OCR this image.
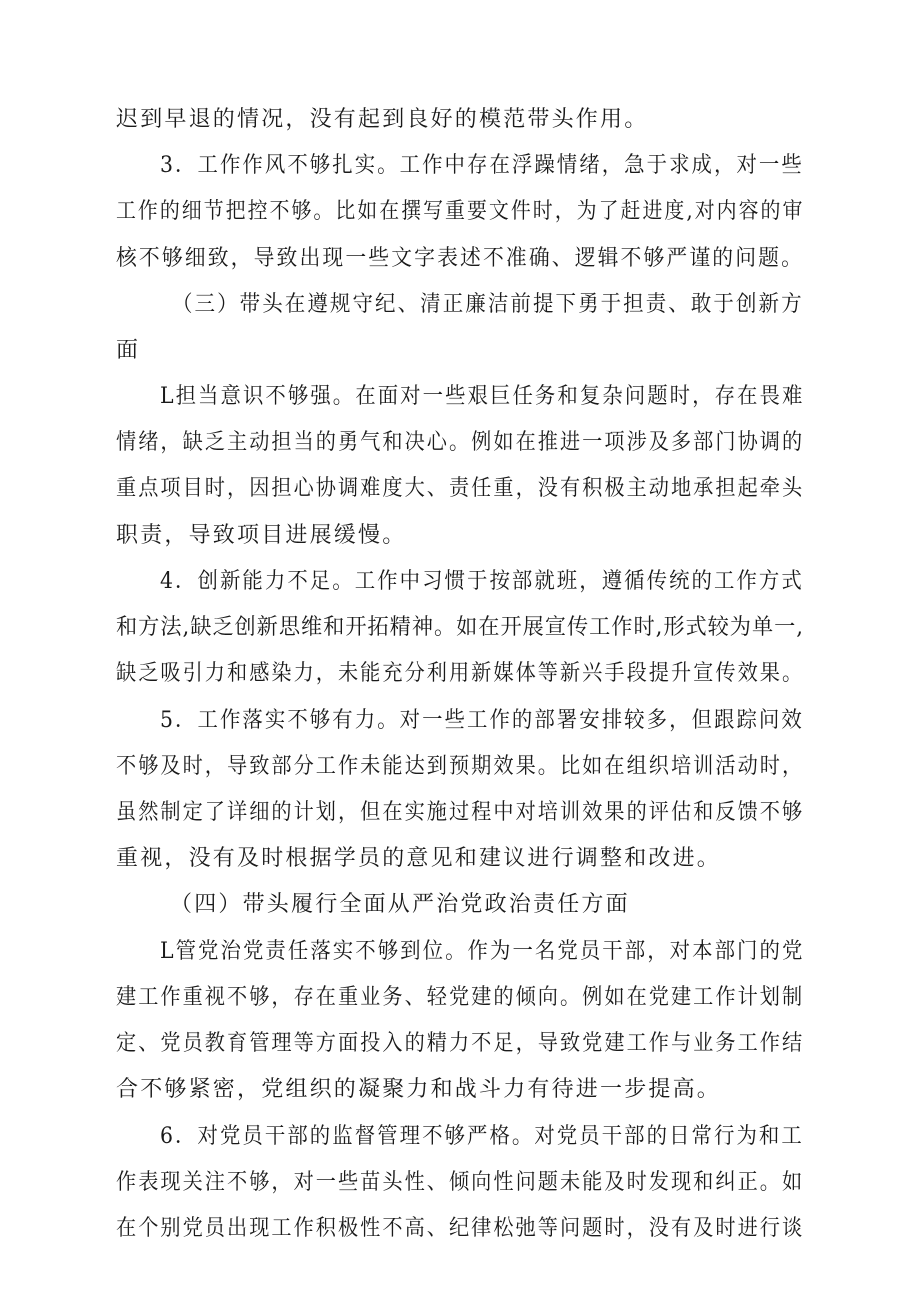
迟到早退的情况，没有起到良好的模范带头作用。
3．工作作风不够扎实。工作中存在浮躁情绪，急于求成，对一些
工作的细节把控不够。比如在撰写重要文件时，为了赶进度,对内容的审
核不够细致，导致出现一些文字表述不准确、逻辑不够严谨的问题。
（三）带头在遵规守纪、清正廉洁前提下勇于担责、敢于创新方
面
L担当意识不够强。在面对一些艰巨任务和复杂问题时，存在畏难
情绪，缺乏主动担当的勇气和决心。例如在推进一项涉及多部门协调的
重点项目时，因担心协调难度大、责任重，没有积极主动地承担起牵头
职责，导致项目进展缓慢。
4．创新能力不足。工作中习惯于按部就班，遵循传统的工作方式
和方法,缺乏创新思维和开拓精神。如在开展宣传工作时,形式较为单一,
缺乏吸引力和感染力，未能充分利用新媒体等新兴手段提升宣传效果。
5．工作落实不够有力。对一些工作的部署安排较多，但跟踪问效
不够及时，导致部分工作未能达到预期效果。比如在组织培训活动时，
虽然制定了详细的计划，但在实施过程中对培训效果的评估和反馈不够
重视，没有及时根据学员的意见和建议进行调整和改进。
（四）带头履行全面从严治党政治责任方面
L管党治党责任落实不够到位。作为一名党员干部，对本部门的党
建工作重视不够，存在重业务、轻党建的倾向。例如在党建工作计划制
定、党员教育管理等方面投入的精力不足，导致党建工作与业务工作结
合不够紧密，党组织的凝聚力和战斗力有待进一步提高。
6．对党员干部的监督管理不够严格。对党员干部的日常行为和工
作表现关注不够，对一些苗头性、倾向性问题未能及时发现和纠正。如
在个别党员出现工作积极性不高、纪律松弛等问题时，没有及时进行谈
